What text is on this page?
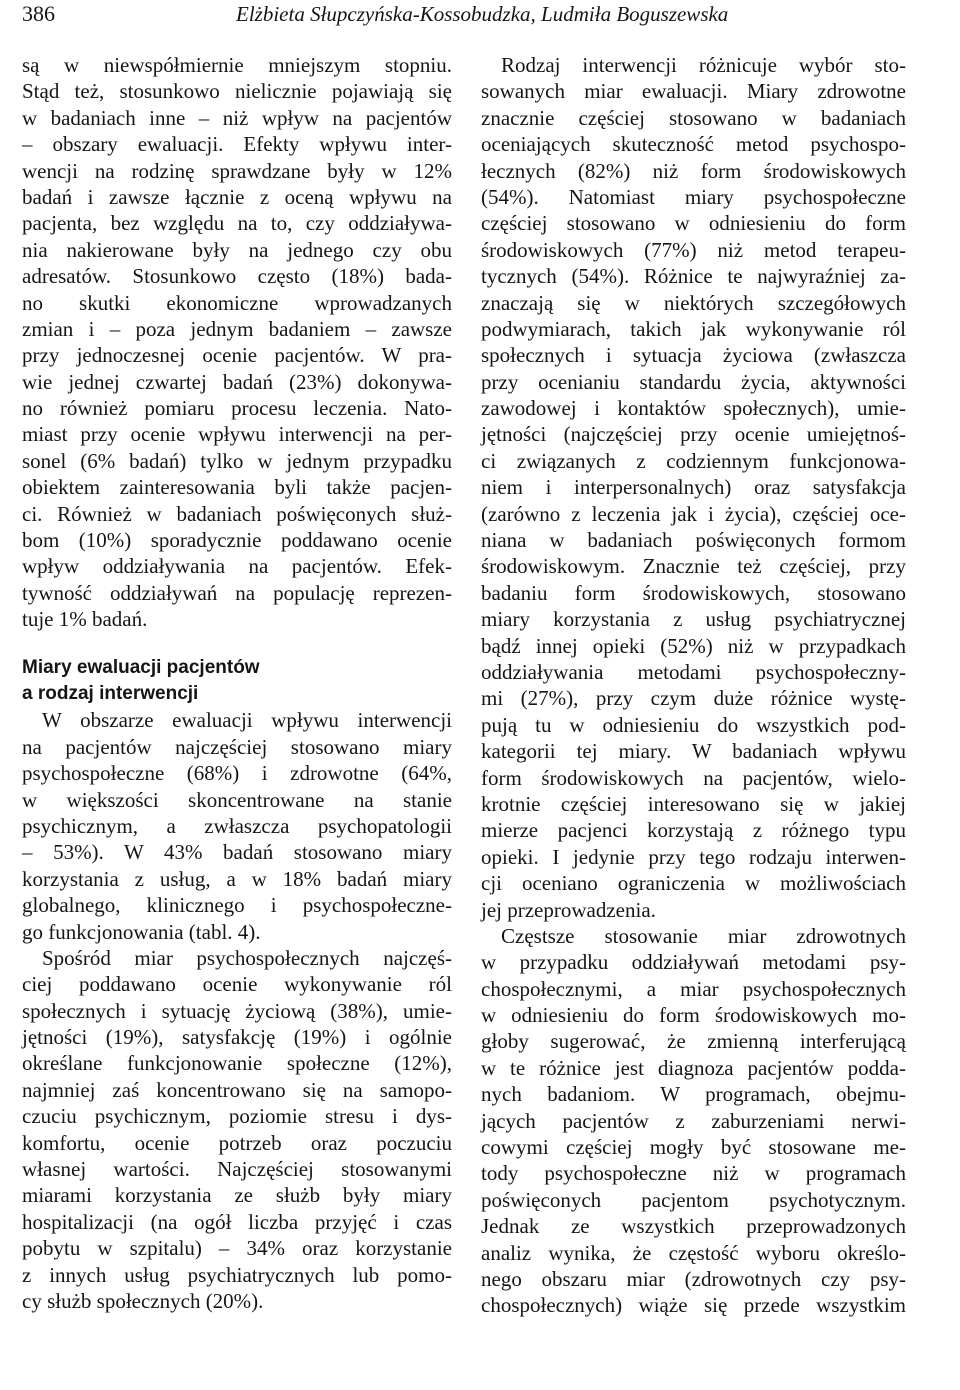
386	Elżbieta Słupczyńska-Kossobudzka, Ludmiła Boguszewska
są w niewspółmiernie mniejszym stopniu.
Stąd też, stosunkowo nielicznie pojawiają się
w badaniach inne – niż wpływ na pacjentów
– obszary ewaluacji. Efekty wpływu inter-
wencji na rodzinę sprawdzane były w 12%
badań i zawsze łącznie z oceną wpływu na
pacjenta, bez względu na to, czy oddziaływa-
nia nakierowane były na jednego czy obu
adresatów. Stosunkowo często (18%) bada-
no skutki ekonomiczne wprowadzanych
zmian i – poza jednym badaniem – zawsze
przy jednoczesnej ocenie pacjentów. W pra-
wie jednej czwartej badań (23%) dokonywa-
no również pomiaru procesu leczenia. Nato-
miast przy ocenie wpływu interwencji na per-
sonel (6% badań) tylko w jednym przypadku
obiektem zainteresowania byli także pacjen-
ci. Również w badaniach poświęconych służ-
bom (10%) sporadycznie poddawano ocenie
wpływ oddziaływania na pacjentów. Efek-
tywność oddziaływań na populację reprezen-
tuje 1% badań.
Miary ewaluacji pacjentów
a rodzaj interwencji
W obszarze ewaluacji wpływu interwencji
na pacjentów najczęściej stosowano miary
psychospołeczne (68%) i zdrowotne (64%,
w większości skoncentrowane na stanie
psychicznym, a zwłaszcza psychopatologii
– 53%). W 43% badań stosowano miary
korzystania z usług, a w 18% badań miary
globalnego, klinicznego i psychospołeczne-
go funkcjonowania (tabl. 4).
Spośród miar psychospołecznych najczęś-
ciej poddawano ocenie wykonywanie ról
społecznych i sytuację życiową (38%), umie-
jętności (19%), satysfakcję (19%) i ogólnie
określane funkcjonowanie społeczne (12%),
najmniej zaś koncentrowano się na samopo-
czuciu psychicznym, poziomie stresu i dys-
komfortu, ocenie potrzeb oraz poczuciu
własnej wartości. Najczęściej stosowanymi
miarami korzystania ze służb były miary
hospitalizacji (na ogół liczba przyjęć i czas
pobytu w szpitalu) – 34% oraz korzystanie
z innych usług psychiatrycznych lub pomo-
cy służb społecznych (20%).
Rodzaj interwencji różnicuje wybór sto-
sowanych miar ewaluacji. Miary zdrowotne
znacznie częściej stosowano w badaniach
oceniających skuteczność metod psychospo-
łecznych (82%) niż form środowiskowych
(54%). Natomiast miary psychospołeczne
częściej stosowano w odniesieniu do form
środowiskowych (77%) niż metod terapeu-
tycznych (54%). Różnice te najwyraźniej za-
znaczają się w niektórych szczegółowych
podwymiarach, takich jak wykonywanie ról
społecznych i sytuacja życiowa (zwłaszcza
przy ocenianiu standardu życia, aktywności
zawodowej i kontaktów społecznych), umie-
jętności (najczęściej przy ocenie umiejętnoś-
ci związanych z codziennym funkcjonowa-
niem i interpersonalnych) oraz satysfakcja
(zarówno z leczenia jak i życia), częściej oce-
niana w badaniach poświęconych formom
środowiskowym. Znacznie też częściej, przy
badaniu form środowiskowych, stosowano
miary korzystania z usług psychiatrycznej
bądź innej opieki (52%) niż w przypadkach
oddziaływania metodami psychospołeczny-
mi (27%), przy czym duże różnice wystę-
pują tu w odniesieniu do wszystkich pod-
kategorii tej miary. W badaniach wpływu
form środowiskowych na pacjentów, wielo-
krotnie częściej interesowano się w jakiej
mierze pacjenci korzystają z różnego typu
opieki. I jedynie przy tego rodzaju interwen-
cji oceniano ograniczenia w możliwościach
jej przeprowadzenia.
Częstsze stosowanie miar zdrowotnych
w przypadku oddziaływań metodami psy-
chospołecznymi, a miar psychospołecznych
w odniesieniu do form środowiskowych mo-
głoby sugerować, że zmienną interferującą
w te różnice jest diagnoza pacjentów podda-
nych badaniom. W programach, obejmu-
jących pacjentów z zaburzeniami nerwi-
cowymi częściej mogły być stosowane me-
tody psychospołeczne niż w programach
poświęconych pacjentom psychotycznym.
Jednak ze wszystkich przeprowadzonych
analiz wynika, że częstość wyboru określo-
nego obszaru miar (zdrowotnych czy psy-
chospołecznych) wiąże się przede wszystkim
